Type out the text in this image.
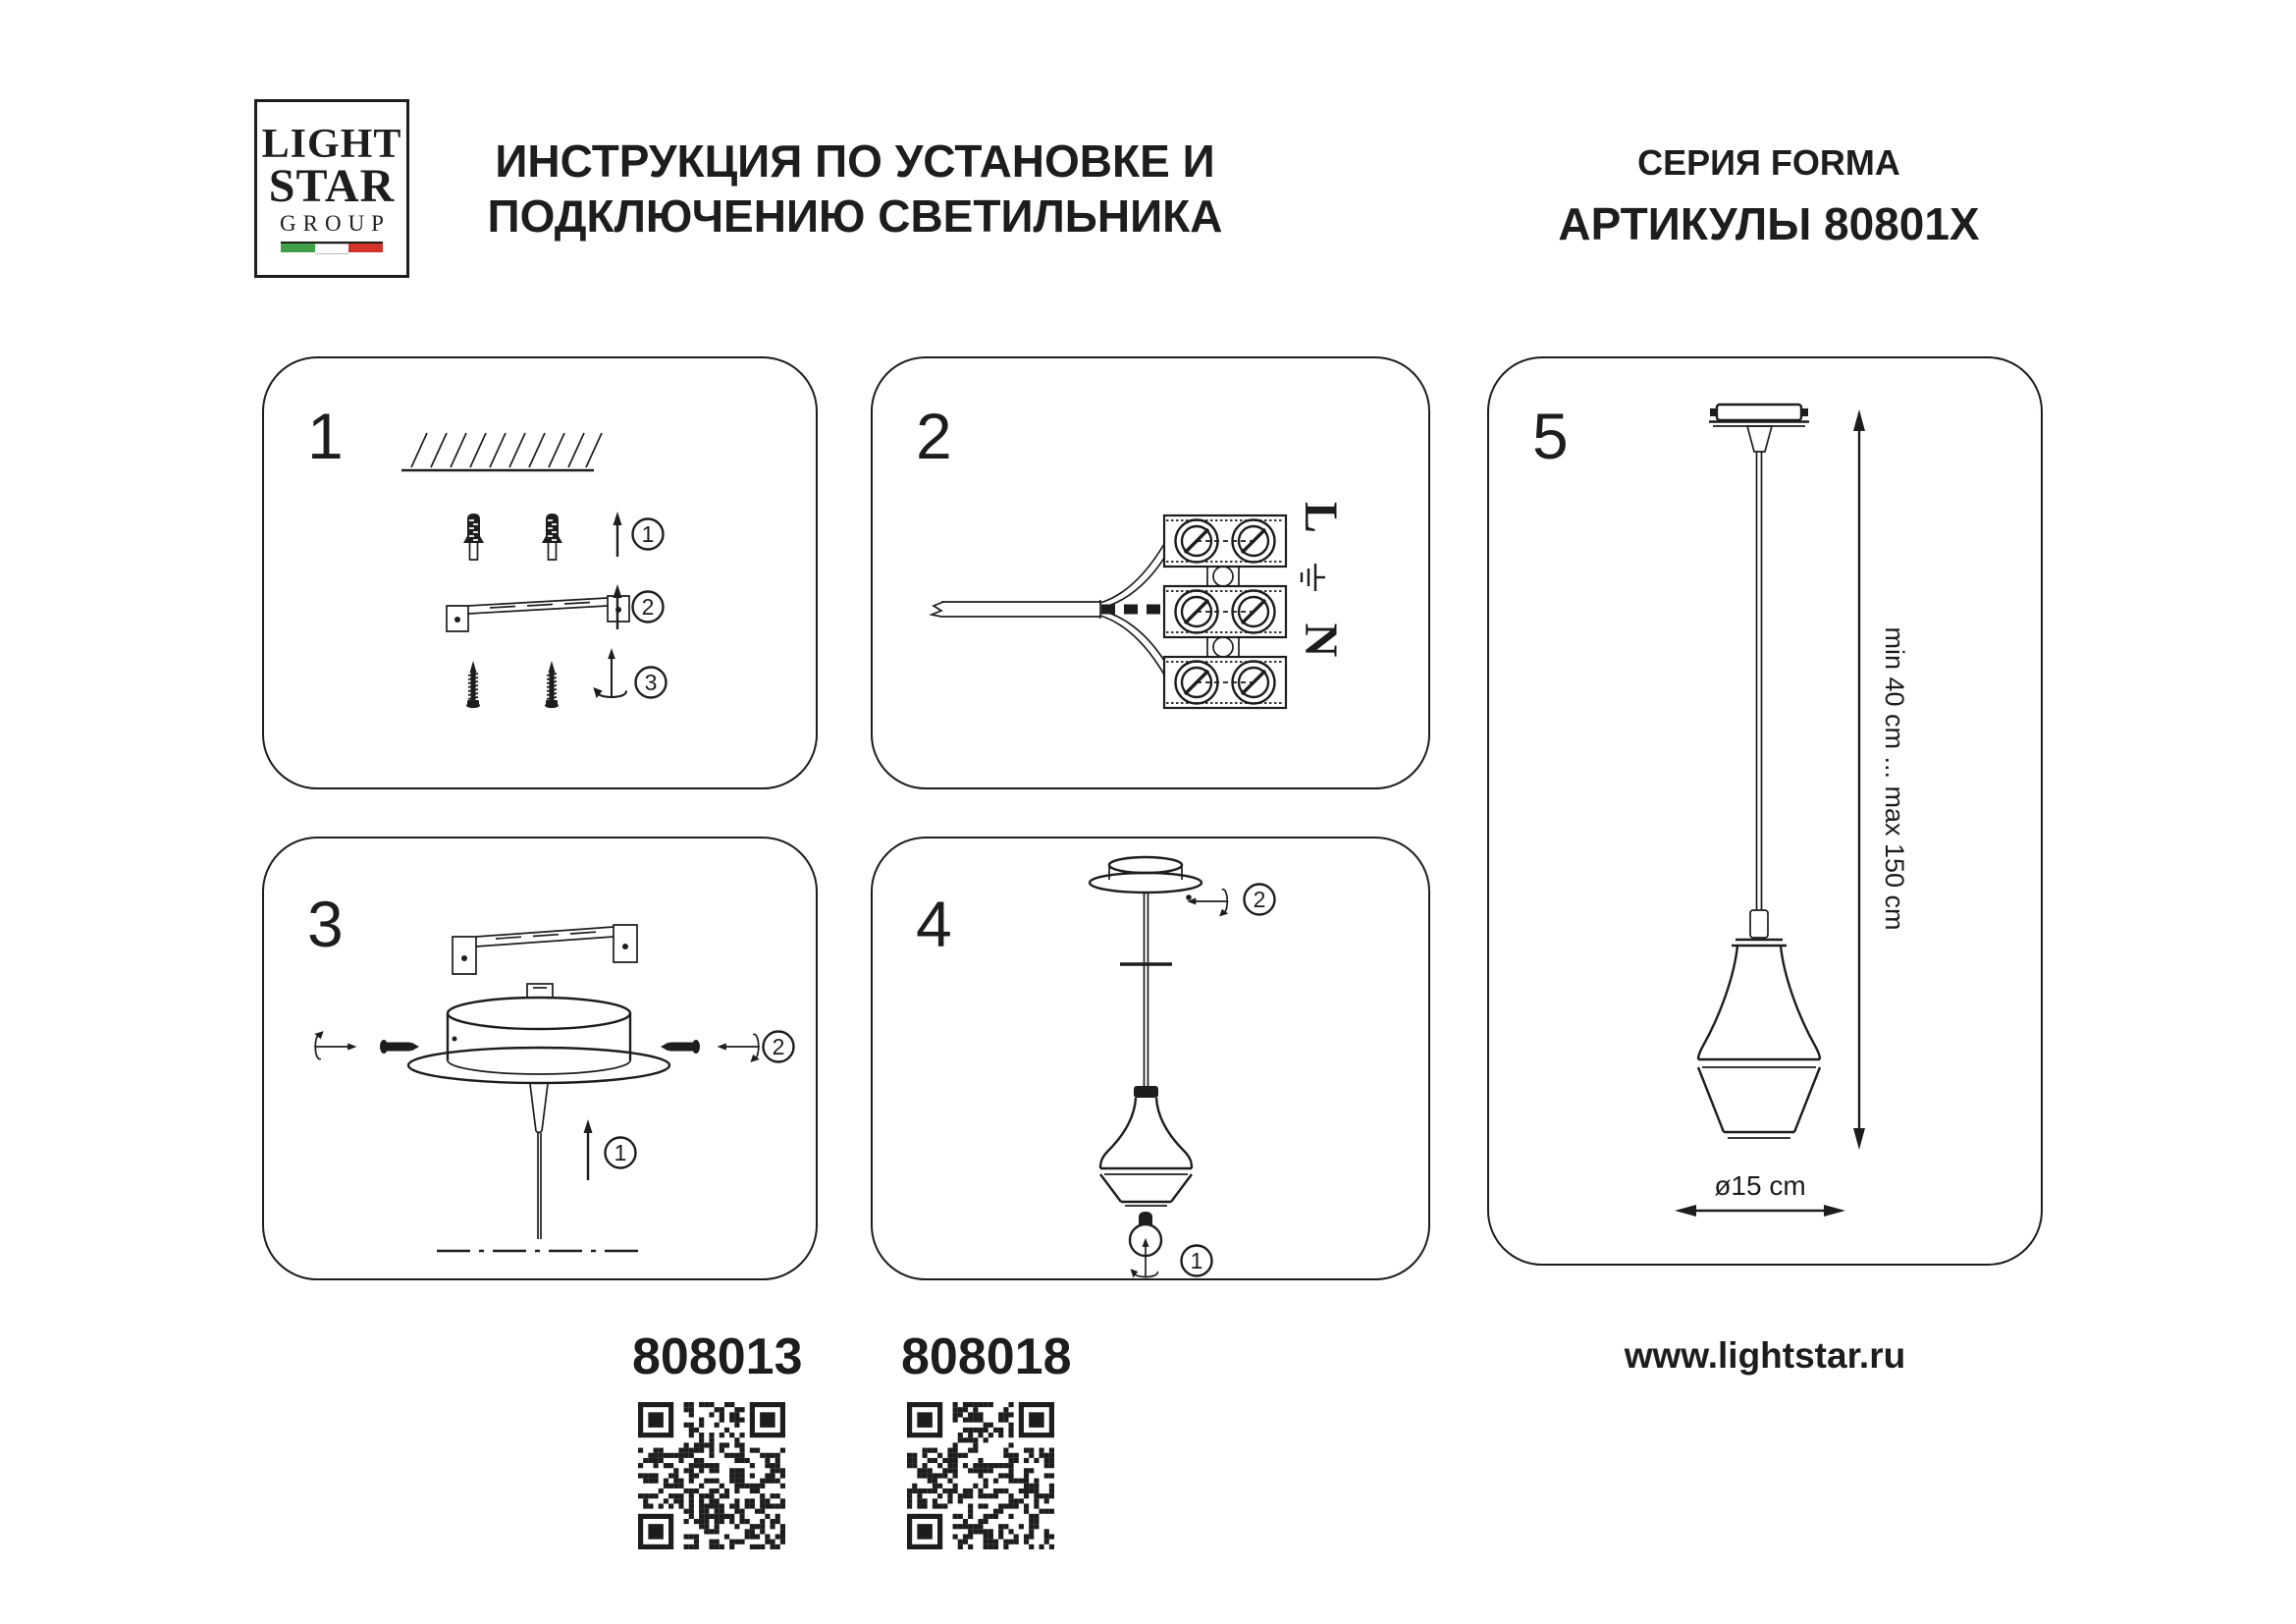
LIGHT
STAR
GROUP
ИНСТРУКЦИЯ ПО УСТАНОВКЕ И
ПОДКЛЮЧЕНИЮ СВЕТИЛЬНИКА
СЕРИЯ FORMA
АРТИКУЛЫ 80801X
1
1
2
3
2
L
N
3
2
1
4	2
1
5
min 40 cm ... max 150 cm
ø15 cm
808013 808018	www.lightstar.ru
